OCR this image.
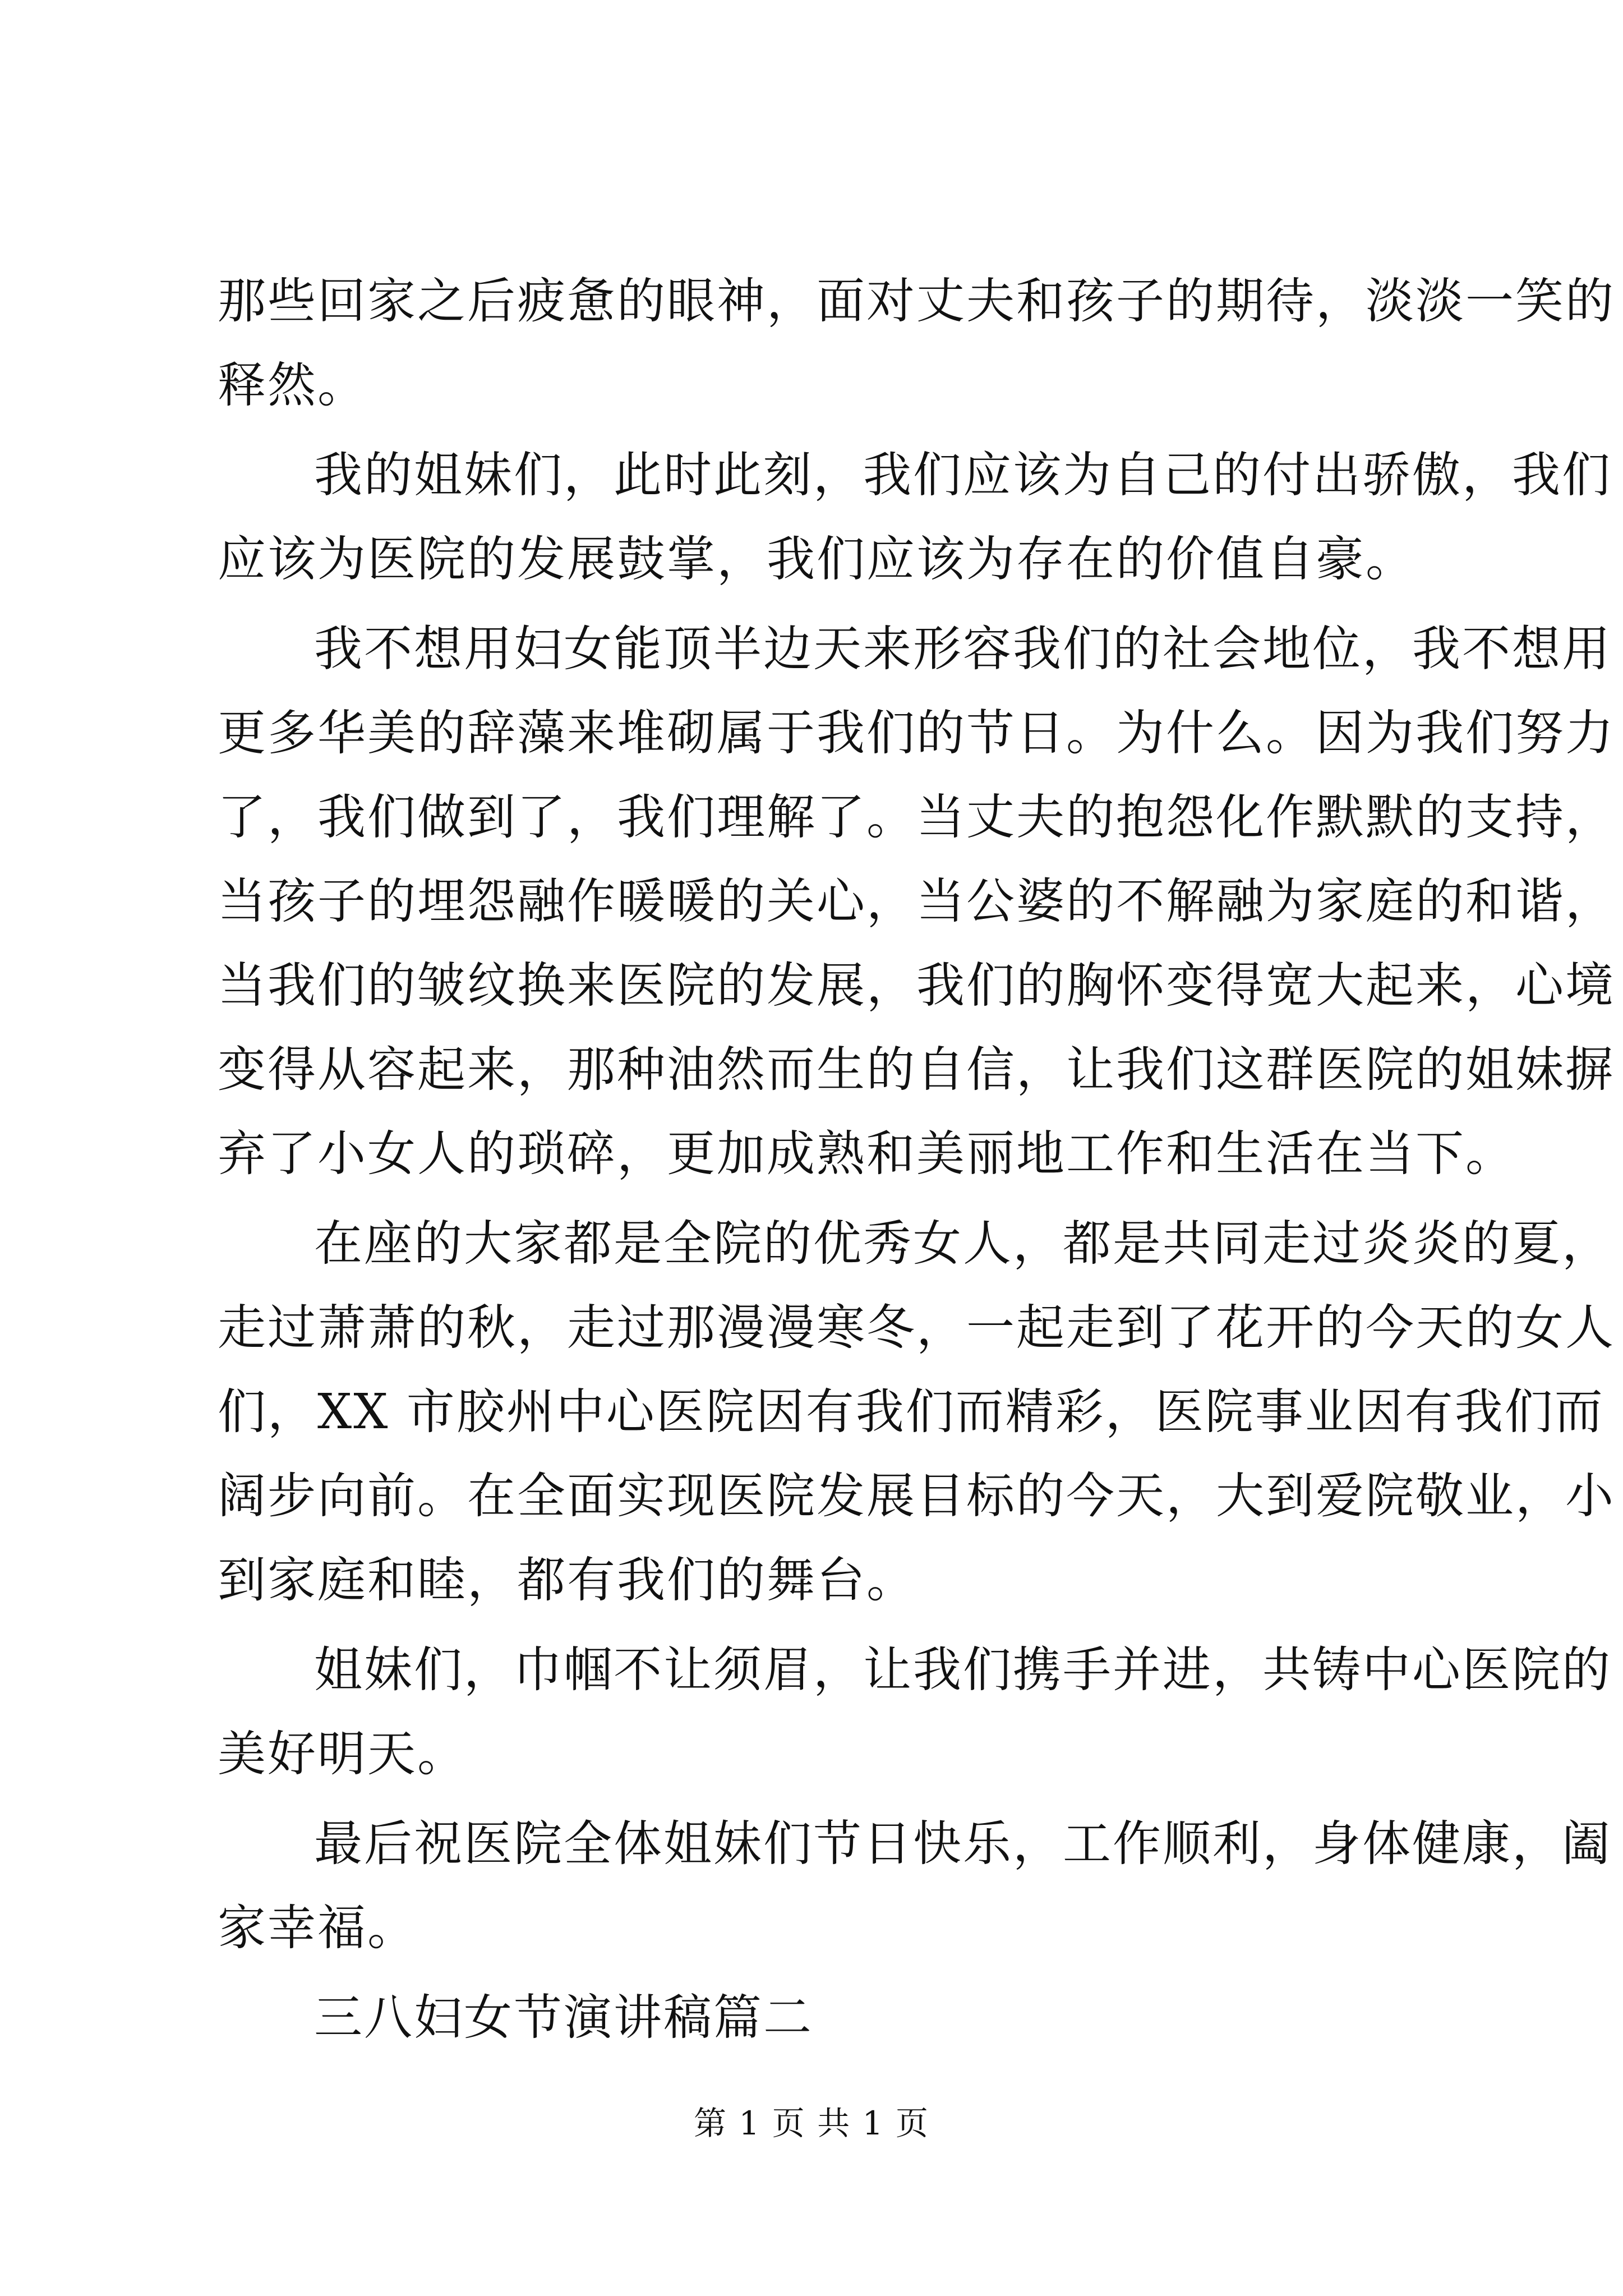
那些回家之后疲惫的眼神，面对丈夫和孩子的期待，淡淡一笑的
释然。
我的姐妹们，此时此刻，我们应该为自己的付出骄傲，我们
应该为医院的发展鼓掌，我们应该为存在的价值自豪。
我不想用妇女能顶半边天来形容我们的社会地位，我不想用
更多华美的辞藻来堆砌属于我们的节日。为什么。因为我们努力
了，我们做到了，我们理解了。当丈夫的抱怨化作默默的支持，
当孩子的埋怨融作暖暖的关心，当公婆的不解融为家庭的和谐，
当我们的皱纹换来医院的发展，我们的胸怀变得宽大起来，心境
变得从容起来，那种油然而生的自信，让我们这群医院的姐妹摒
弃了小女人的琐碎，更加成熟和美丽地工作和生活在当下。
在座的大家都是全院的优秀女人，都是共同走过炎炎的夏，
走过萧萧的秋，走过那漫漫寒冬，一起走到了花开的今天的女人
们，XX 市胶州中心医院因有我们而精彩，医院事业因有我们而
阔步向前。在全面实现医院发展目标的今天，大到爱院敬业，小
到家庭和睦，都有我们的舞台。
姐妹们，巾帼不让须眉，让我们携手并进，共铸中心医院的
美好明天。
最后祝医院全体姐妹们节日快乐，工作顺利，身体健康，阖
家幸福。
三八妇女节演讲稿篇二
第 1 页 共 1 页
